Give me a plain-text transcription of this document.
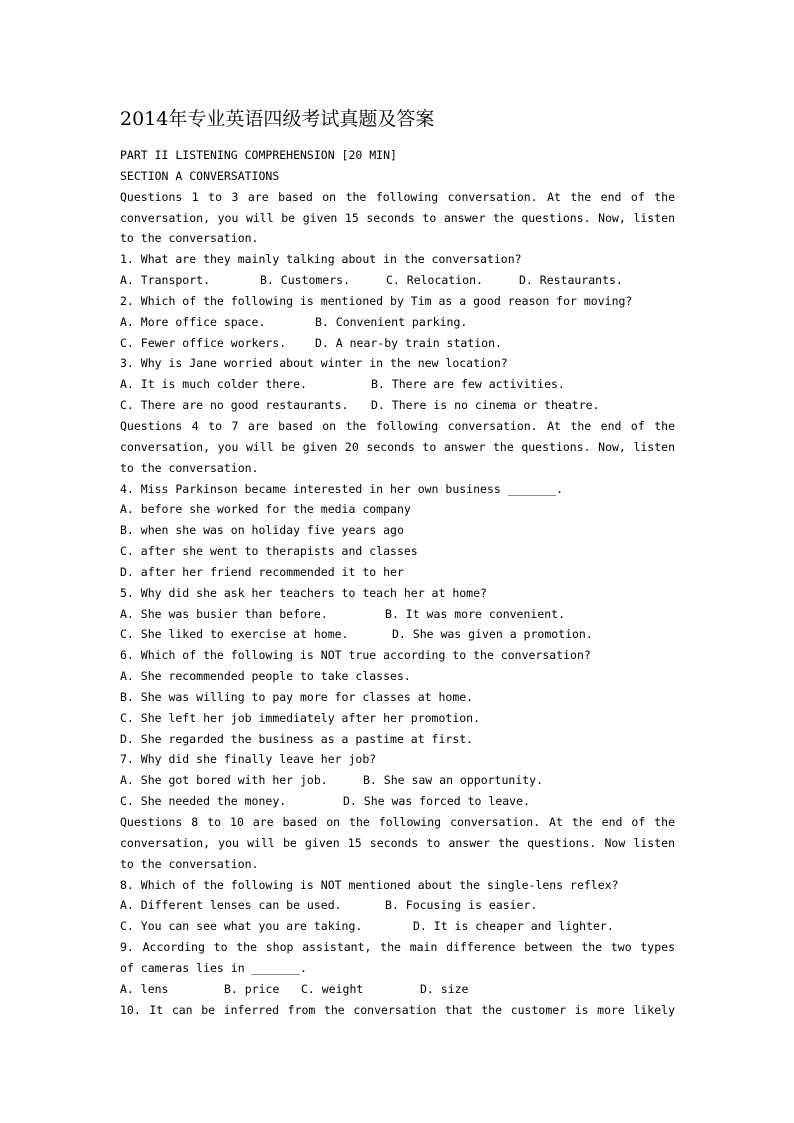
2014年专业英语四级考试真题及答案
PART II LISTENING COMPREHENSION [20 MIN]
SECTION A CONVERSATIONS
Questions 1 to 3 are based on the following conversation. At the end of the
conversation, you will be given 15 seconds to answer the questions. Now, listen
to the conversation.
1. What are they mainly talking about in the conversation?
A. Transport.	B. Customers.	C. Relocation.	D. Restaurants.
2. Which of the following is mentioned by Tim as a good reason for moving?
A. More office space.	B. Convenient parking.
C. Fewer office workers.	D. A near-by train station.
3. Why is Jane worried about winter in the new location?
A. It is much colder there.	B. There are few activities.
C. There are no good restaurants.	D. There is no cinema or theatre.
Questions 4 to 7 are based on the following conversation. At the end of the
conversation, you will be given 20 seconds to answer the questions. Now, listen
to the conversation.
4. Miss Parkinson became interested in her own business _______.
A. before she worked for the media company
B. when she was on holiday five years ago
C. after she went to therapists and classes
D. after her friend recommended it to her
5. Why did she ask her teachers to teach her at home?
A. She was busier than before.	B. It was more convenient.
C. She liked to exercise at home.	D. She was given a promotion.
6. Which of the following is NOT true according to the conversation?
A. She recommended people to take classes.
B. She was willing to pay more for classes at home.
C. She left her job immediately after her promotion.
D. She regarded the business as a pastime at first.
7. Why did she finally leave her job?
A. She got bored with her job.	B. She saw an opportunity.
C. She needed the money.	D. She was forced to leave.
Questions 8 to 10 are based on the following conversation. At the end of the
conversation, you will be given 15 seconds to answer the questions. Now listen
to the conversation.
8. Which of the following is NOT mentioned about the single-lens reflex?
A. Different lenses can be used.	B. Focusing is easier.
C. You can see what you are taking.	D. It is cheaper and lighter.
9. According to the shop assistant, the main difference between the two types
of cameras lies in _______.
A. lens	B. price	C. weight	D. size
10. It can be inferred from the conversation that the customer is more likely
